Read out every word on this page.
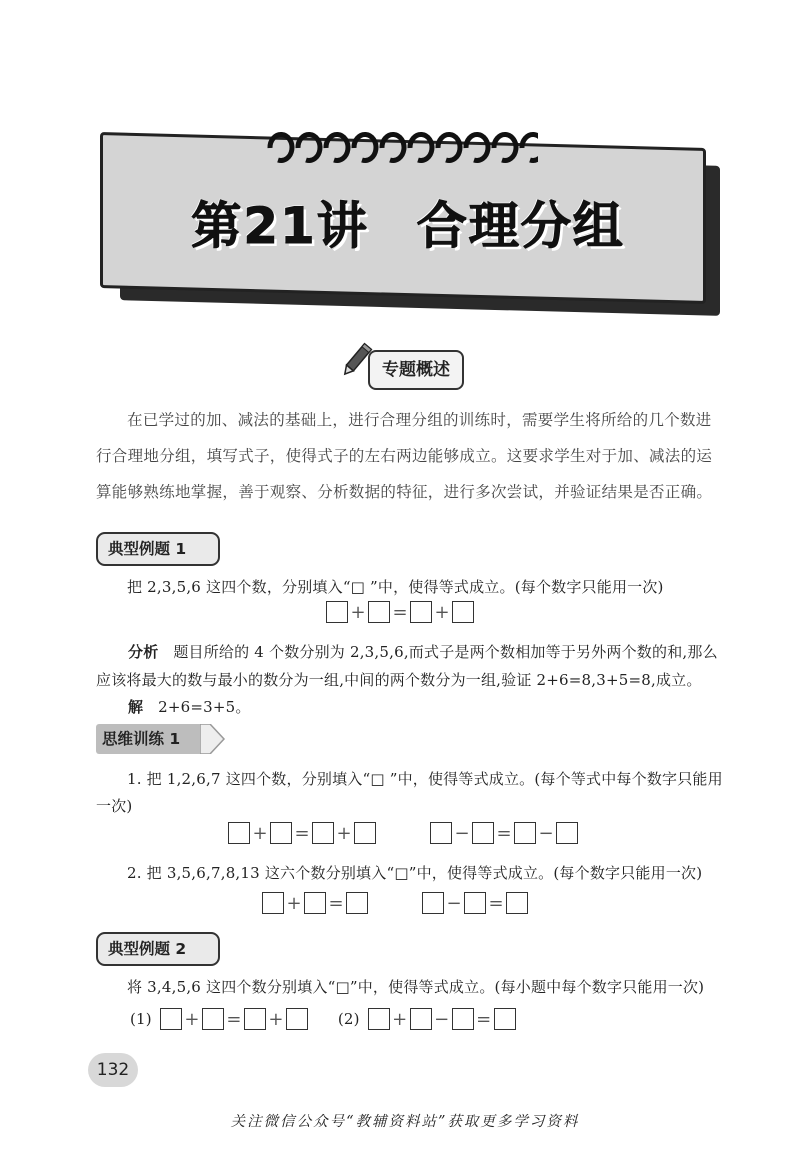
第21讲 合理分组
专题概述
在已学过的加、减法的基础上，进行合理分组的训练时，需要学生将所给的几个数进行合理地分组，填写式子，使得式子的左右两边能够成立。这要求学生对于加、减法的运算能够熟练地掌握，善于观察、分析数据的特征，进行多次尝试，并验证结果是否正确。
典型例题 1
把 2,3,5,6 这四个数，分别填入“□ ”中，使得等式成立。(每个数字只能用一次)
+ = +
分析 题目所给的 4 个数分别为 2,3,5,6,而式子是两个数相加等于另外两个数的和,那么
应该将最大的数与最小的数分为一组,中间的两个数分为一组,验证 2+6=8,3+5=8,成立。
解 2+6=3+5。
思维训练 1
1. 把 1,2,6,7 这四个数，分别填入“□ ”中，使得等式成立。(每个等式中每个数字只能用
一次)
+ = +	− = −
2. 把 3,5,6,7,8,13 这六个数分别填入“□”中，使得等式成立。(每个数字只能用一次)
+ =	− =
典型例题 2
将 3,4,5,6 这四个数分别填入“□”中，使得等式成立。(每小题中每个数字只能用一次)
(1) + = +	(2) + − =
132
关注微信公众号“教辅资料站”获取更多学习资料
